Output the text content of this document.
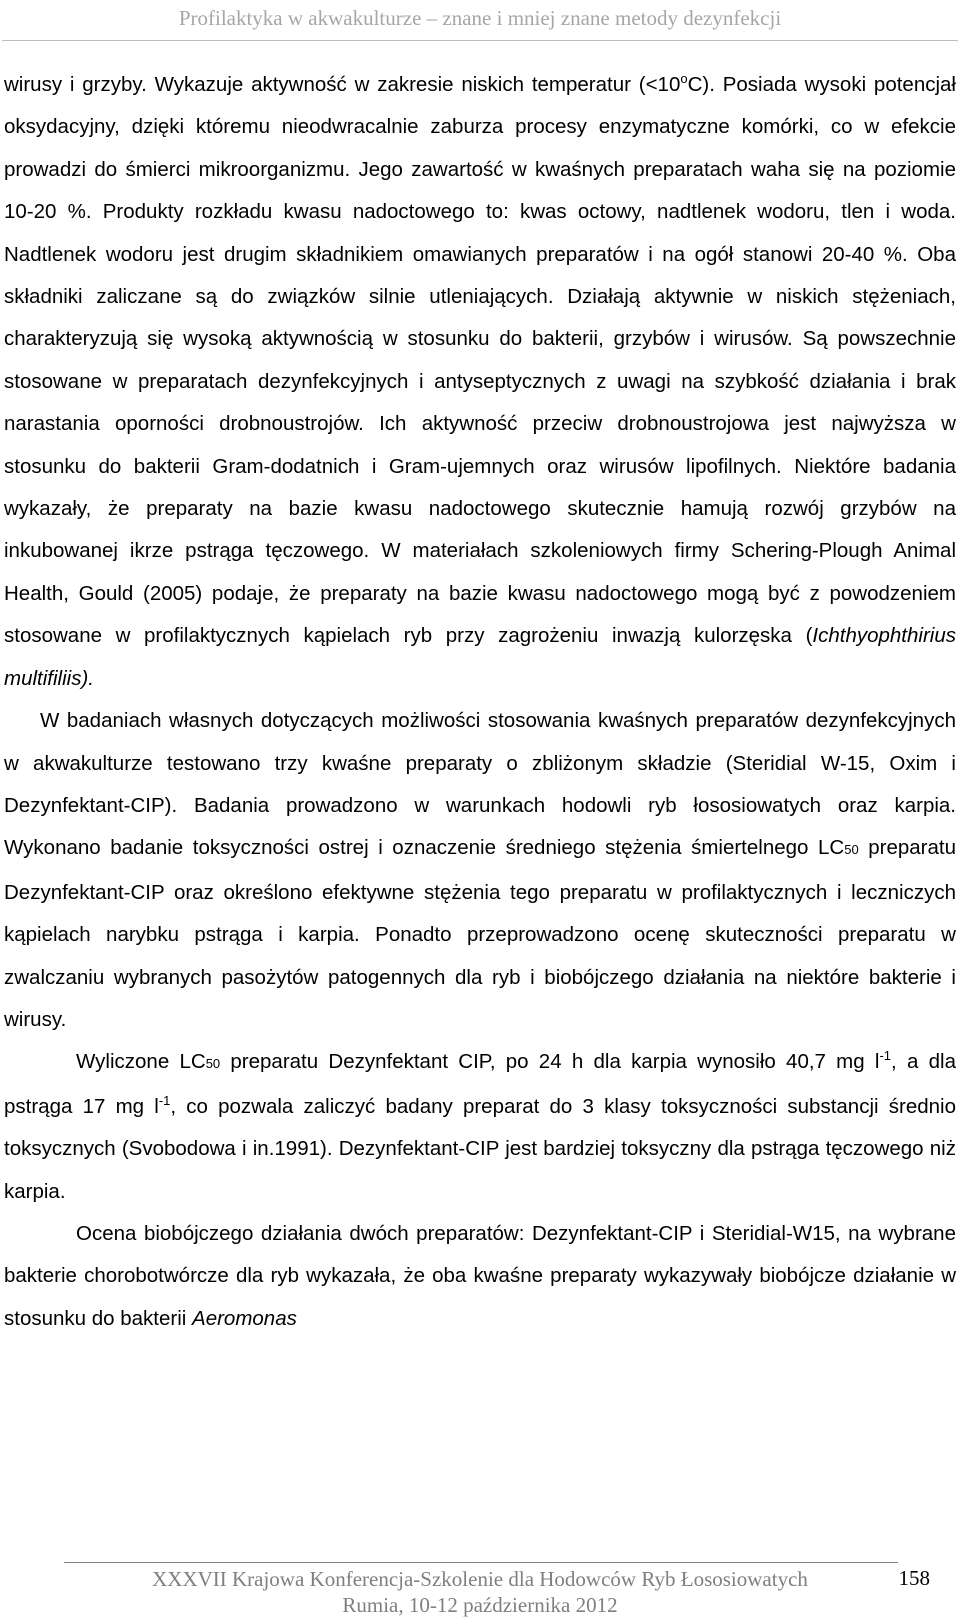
Profilaktyka w akwakulturze – znane i mniej znane metody dezynfekcji

wirusy i grzyby. Wykazuje aktywność w zakresie niskich temperatur $(<10^oC)$. Posiada wysoki potencjał oksydacyjny, dzięki któremu nieodwracalnie zaburza procesy enzymatyczne komórki, co w efekcie prowadzi do śmierci mikroorganizmu. Jego zawartość w kwaśnych preparatach waha się na poziomie 10-20 %. Produkty rozkładu kwasu nadoctowego to: kwas octowy, nadtlenek wodoru, tlen i woda. Nadtlenek wodoru jest drugim składnikiem omawianych preparatów i na ogół stanowi 20-40 %. Oba składniki zaliczane są do związków silnie utleniających. Działają aktywnie w niskich stężeniach, charakteryzują się wysoką aktywnością w stosunku do bakterii, grzybów i wirusów. Są powszechnie stosowane w preparatach dezynfekcyjnych i antyseptycznych z uwagi na szybkość działania i brak narastania oporności drobnoustrojów. Ich aktywność przeciw drobnoustrojowa jest najwyższa w stosunku do bakterii Gram-dodatnich i Gram-ujemnych oraz wirusów lipofilnych. Niektóre badania wykazały, że preparaty na bazie kwasu nadoctowego skutecznie hamują rozwój grzybów na inkubowanej ikrze pstrąga tęczowego. W materiałach szkoleniowych firmy Schering-Plough Animal Health, Gould (2005) podaje, że preparaty na bazie kwasu nadoctowego mogą być z powodzeniem stosowane w profilaktycznych kąpielach ryb przy zagrożeniu inwazją kulorzęska (Ichthyophthirius multifiliis).

W badaniach własnych dotyczących możliwości stosowania kwaśnych preparatów dezynfekcyjnych w akwakulturze testowano trzy kwaśne preparaty o zbliżonym składzie (Steridial W-15, Oxim i Dezynfektant-CIP). Badania prowadzono w warunkach hodowli ryb łososiowatych oraz karpia. Wykonano badanie toksyczności ostrej i oznaczenie średniego stężenia śmiertelnego LC50 preparatu Dezynfektant-CIP oraz określono efektywne stężenia tego preparatu w profilaktycznych i leczniczych kąpielach narybku pstrąga i karpia. Ponadto przeprowadzono ocenę skuteczności preparatu w zwalczaniu wybranych pasożytów patogennych dla ryb i biobójczego działania na niektóre bakterie i wirusy.

Wyliczone LC50 preparatu Dezynfektant CIP, po 24 h dla karpia wynosiło 40,7 mg $l^{-1}$, a dla pstrąga 17 mg $l^{-1}$, co pozwala zaliczyć badany preparat do 3 klasy toksyczności substancji średnio toksycznych (Svobodowa i in.1991). Dezynfektant-CIP jest bardziej toksyczny dla pstrąga tęczowego niż karpia.

Ocena biobójczego działania dwóch preparatów: Dezynfektant-CIP i Steridial-W15, na wybrane bakterie chorobotwórcze dla ryb wykazała, że oba kwaśne preparaty wykazywały biobójcze działanie w stosunku do bakterii Aeromonas

XXXVII Krajowa Konferencja-Szkolenie dla Hodowców Ryb Łososiowatych
Rumia, 10-12 października 2012
158
